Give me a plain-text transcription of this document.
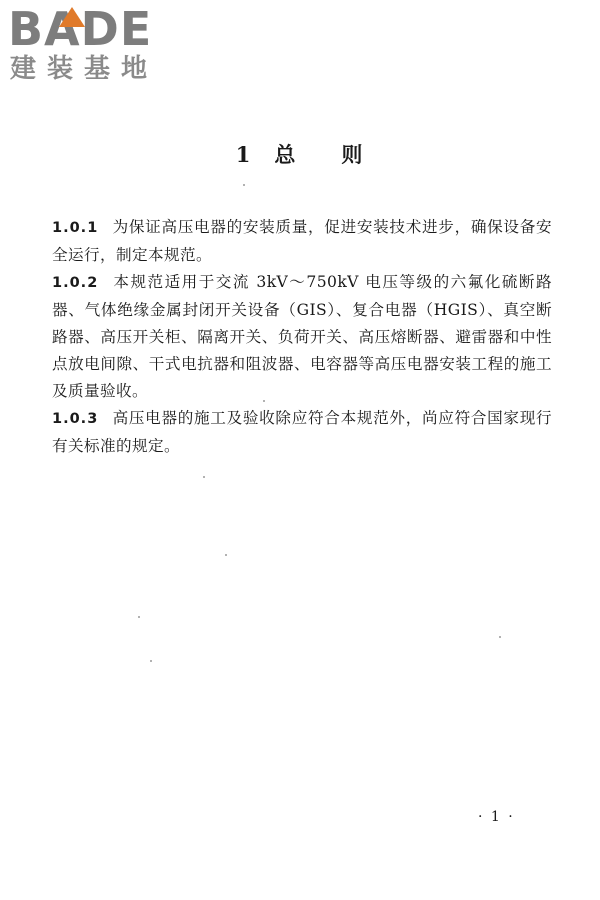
BADE
建装基地
1 总 则

1.0.1 为保证高压电器的安装质量，促进安装技术进步，确保设备安全运行，制定本规范。

1.0.2 本规范适用于交流 3kV～750kV 电压等级的六氟化硫断路器、气体绝缘金属封闭开关设备（GIS）、复合电器（HGIS）、真空断路器、高压开关柜、隔离开关、负荷开关、高压熔断器、避雷器和中性点放电间隙、干式电抗器和阻波器、电容器等高压电器安装工程的施工及质量验收。

1.0.3 高压电器的施工及验收除应符合本规范外，尚应符合国家现行有关标准的规定。

· 1 ·
